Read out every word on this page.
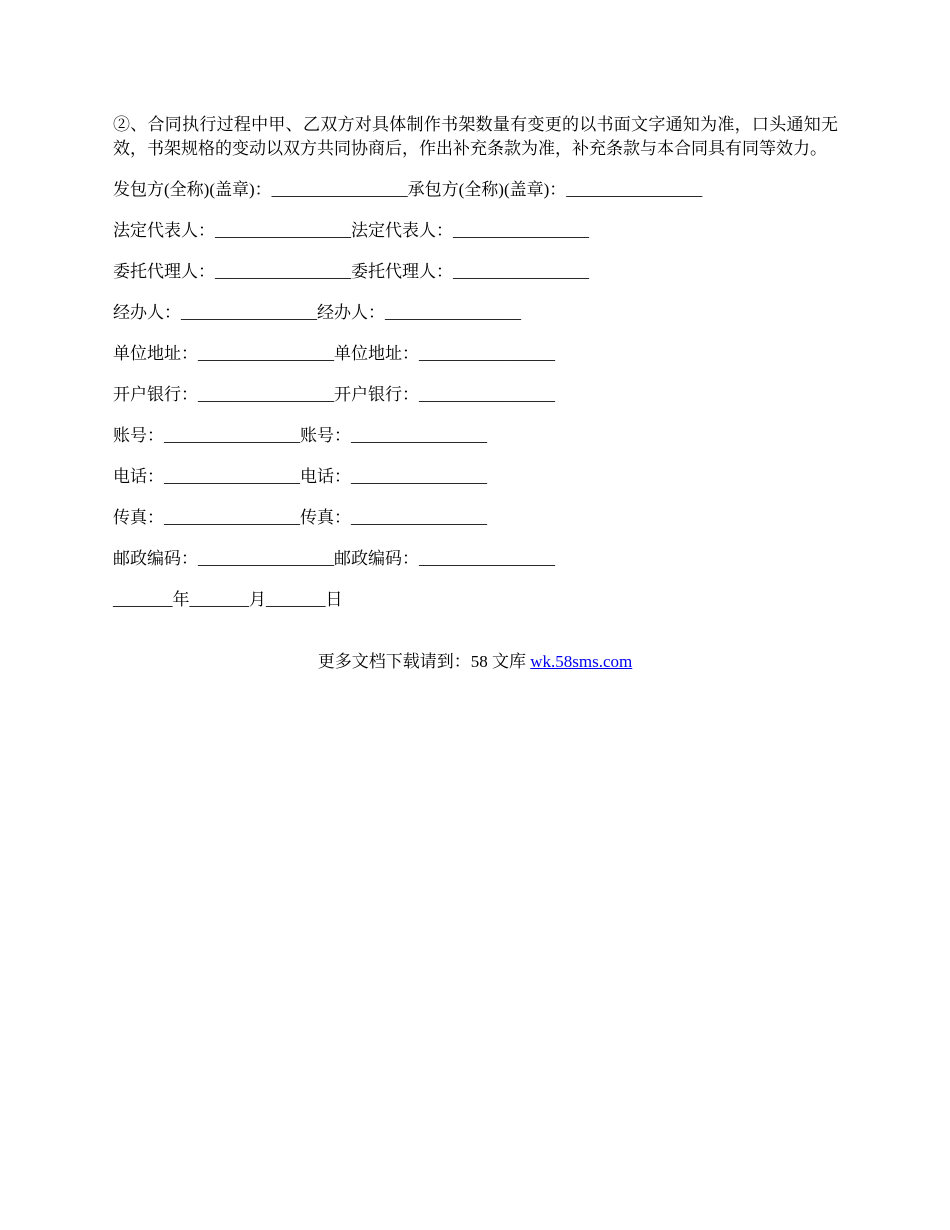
②、合同执行过程中甲、乙双方对具体制作书架数量有变更的以书面文字通知为准，口头通知无效，书架规格的变动以双方共同协商后，作出补充条款为准，补充条款与本合同具有同等效力。

发包方(全称)(盖章)：________________承包方(全称)(盖章)：________________
法定代表人：________________法定代表人：________________
委托代理人：________________委托代理人：________________
经办人：________________经办人：________________
单位地址：________________单位地址：________________
开户银行：________________开户银行：________________
账号：________________账号：________________
电话：________________电话：________________
传真：________________传真：________________
邮政编码：________________邮政编码：________________
_______年_______月_______日
更多文档下载请到：58 文库 wk.58sms.com
